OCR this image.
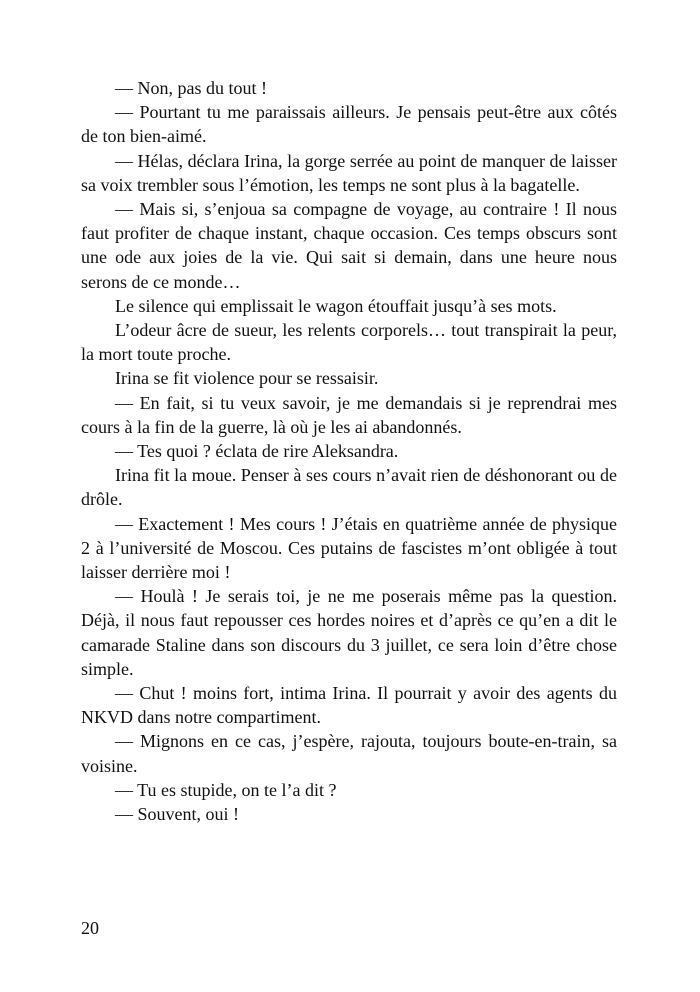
— Non, pas du tout !

— Pourtant tu me paraissais ailleurs. Je pensais peut-être aux côtés de ton bien-aimé.

— Hélas, déclara Irina, la gorge serrée au point de manquer de laisser sa voix trembler sous l’émotion, les temps ne sont plus à la bagatelle.

— Mais si, s’enjoua sa compagne de voyage, au contraire ! Il nous faut profiter de chaque instant, chaque occasion. Ces temps obscurs sont une ode aux joies de la vie. Qui sait si demain, dans une heure nous serons de ce monde…

Le silence qui emplissait le wagon étouffait jusqu’à ses mots.

L’odeur âcre de sueur, les relents corporels… tout transpirait la peur, la mort toute proche.

Irina se fit violence pour se ressaisir.

— En fait, si tu veux savoir, je me demandais si je reprendrai mes cours à la fin de la guerre, là où je les ai abandonnés.

— Tes quoi ? éclata de rire Aleksandra.

Irina fit la moue. Penser à ses cours n’avait rien de déshonorant ou de drôle.

— Exactement ! Mes cours ! J’étais en quatrième année de physique 2 à l’université de Moscou. Ces putains de fascistes m’ont obligée à tout laisser derrière moi !

— Houlà ! Je serais toi, je ne me poserais même pas la question. Déjà, il nous faut repousser ces hordes noires et d’après ce qu’en a dit le camarade Staline dans son discours du 3 juillet, ce sera loin d’être chose simple.

— Chut ! moins fort, intima Irina. Il pourrait y avoir des agents du NKVD dans notre compartiment.

— Mignons en ce cas, j’espère, rajouta, toujours boute-en-train, sa voisine.

— Tu es stupide, on te l’a dit ?

— Souvent, oui !

20
